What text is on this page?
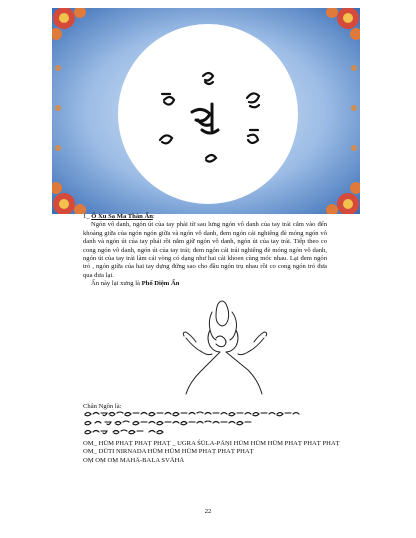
1_ Ô Xu Sa Ma Thân Ấn:

Ngón vô danh, ngón út của tay phải từ sau lưng ngón vô danh của tay trái cắm vào đến khoảng giữa của ngón ngón giữa và ngón vô danh, đem ngón cái nghiêng đè móng ngón vô danh và ngón út của tay phải rồi nắm giữ ngón vô danh, ngón út của tay trái. Tiếp theo co cong ngón vô danh, ngón út của tay trái; đem ngón cái trái nghiêng đè móng ngón vô danh, ngón út của tay trái làm cái vòng có dạng như hai cái khoen cùng móc nhau. Lại đem ngón trỏ , ngón giữa của hai tay dựng đứng sao cho đầu ngón trụ nhau rồi co cong ngón trỏ đưa qua đưa lại.

Ấn này lại xưng là Phổ Diệm Ấn

Chân Ngôn là:

OM_ HŪM PHAṬ PHAṬ PHAṬ _ UGRA ŚŪLA-PĀṆI HŪM HŪM HŪM PHAṬ PHAṬ PHAṬ

OM_ DŪTI NIRNADA HŪM HŪM HŪM PHAṬ PHAṬ PHAṬ

OṂ OṂ OṂ MAHĀ-BALA SVĀHĀ

22
